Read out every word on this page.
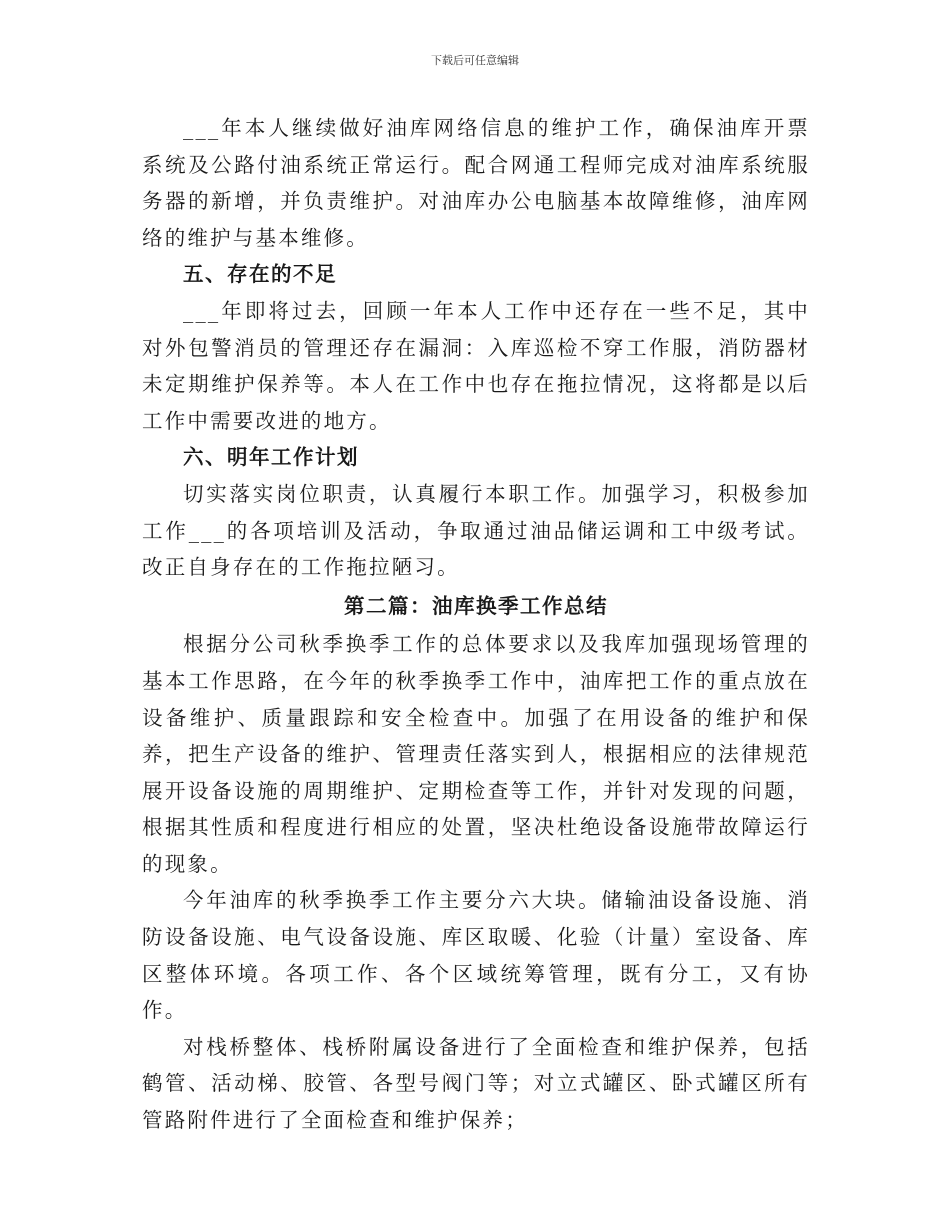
下载后可任意编辑

___年本人继续做好油库网络信息的维护工作，确保油库开票系统及公路付油系统正常运行。配合网通工程师完成对油库系统服务器的新增，并负责维护。对油库办公电脑基本故障维修，油库网络的维护与基本维修。

五、存在的不足

___年即将过去，回顾一年本人工作中还存在一些不足，其中对外包警消员的管理还存在漏洞：入库巡检不穿工作服，消防器材未定期维护保养等。本人在工作中也存在拖拉情况，这将都是以后工作中需要改进的地方。

六、明年工作计划

切实落实岗位职责，认真履行本职工作。加强学习，积极参加工作___的各项培训及活动，争取通过油品储运调和工中级考试。改正自身存在的工作拖拉陋习。

第二篇：油库换季工作总结

根据分公司秋季换季工作的总体要求以及我库加强现场管理的基本工作思路，在今年的秋季换季工作中，油库把工作的重点放在设备维护、质量跟踪和安全检查中。加强了在用设备的维护和保养，把生产设备的维护、管理责任落实到人，根据相应的法律规范展开设备设施的周期维护、定期检查等工作，并针对发现的问题，根据其性质和程度进行相应的处置，坚决杜绝设备设施带故障运行的现象。

今年油库的秋季换季工作主要分六大块。储输油设备设施、消防设备设施、电气设备设施、库区取暖、化验（计量）室设备、库区整体环境。各项工作、各个区域统筹管理，既有分工，又有协作。

对栈桥整体、栈桥附属设备进行了全面检查和维护保养，包括鹤管、活动梯、胶管、各型号阀门等；对立式罐区、卧式罐区所有管路附件进行了全面检查和维护保养；
